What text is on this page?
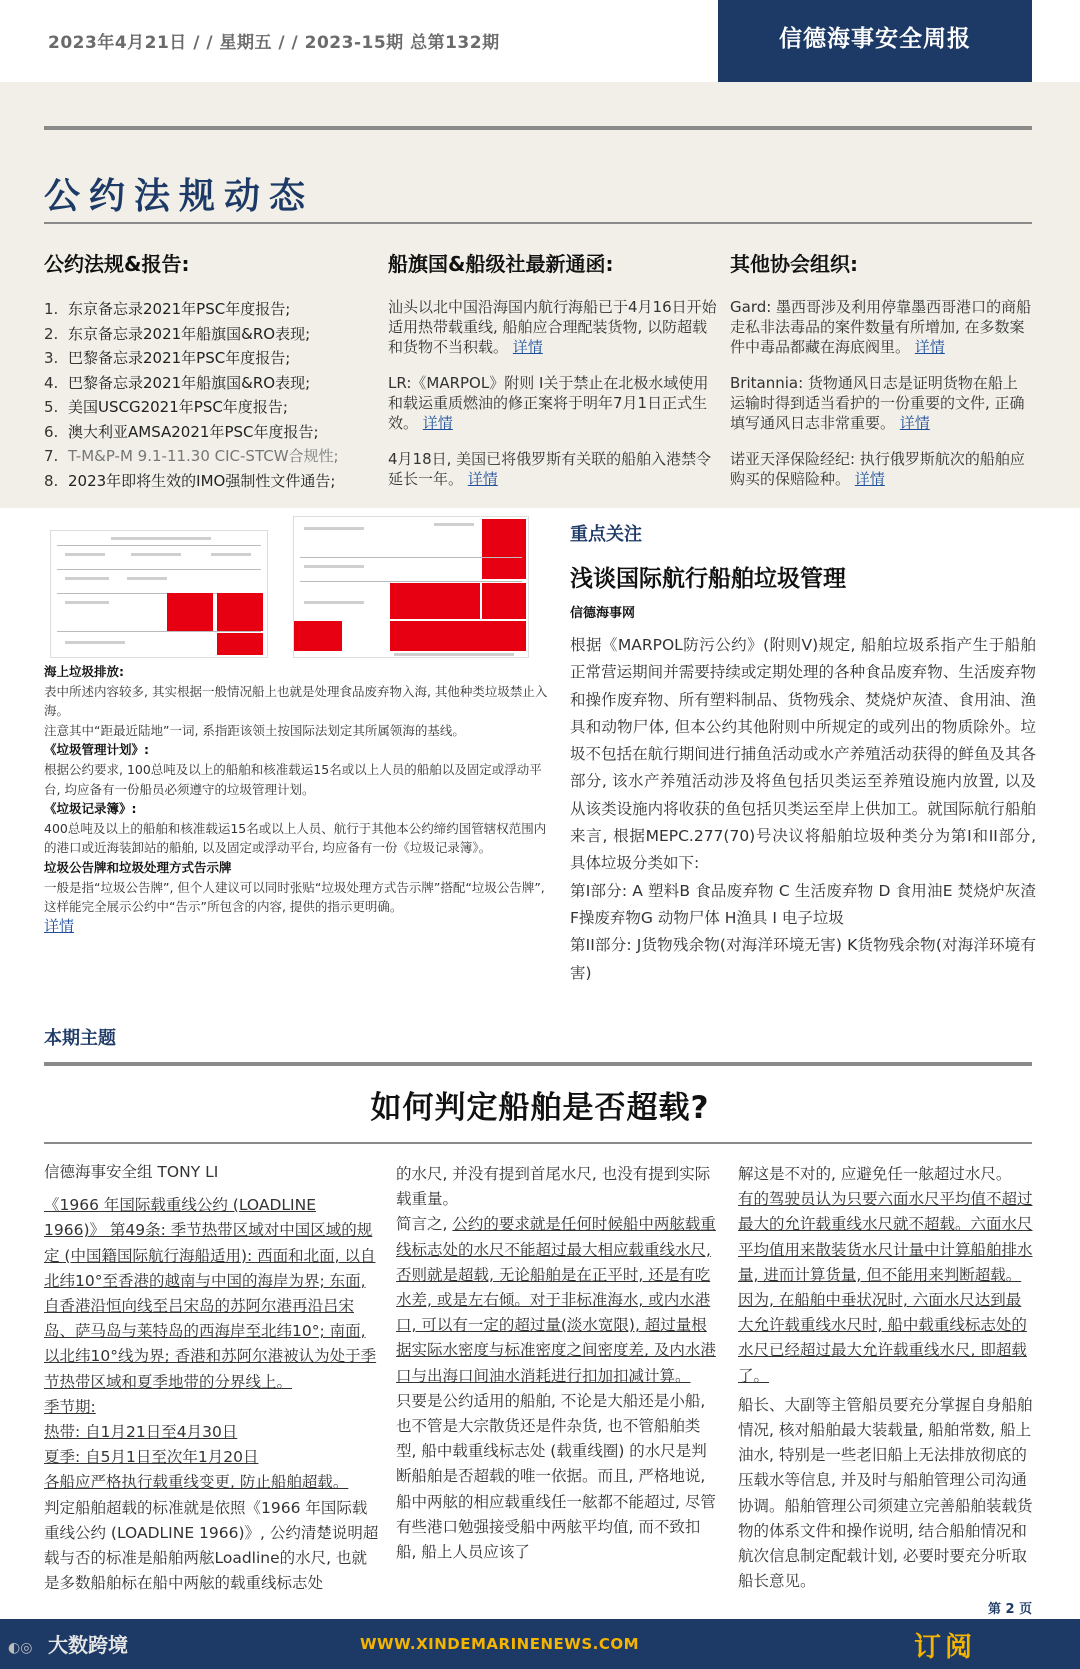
2023年4月21日 / / 星期五 / / 2023-15期 总第132期	信德海事安全周报
公约法规动态
公约法规&报告:
1. 东京备忘录2021年PSC年度报告;
2. 东京备忘录2021年船旗国&RO表现;
3. 巴黎备忘录2021年PSC年度报告;
4. 巴黎备忘录2021年船旗国&RO表现;
5. 美国USCG2021年PSC年度报告;
6. 澳大利亚AMSA2021年PSC年度报告;
7. T-M&P-M 9.1-11.30 CIC-STCW合规性;
8. 2023年即将生效的IMO强制性文件通告;
船旗国&船级社最新通函:

汕头以北中国沿海国内航行海船已于4月16日开始适用热带载重线, 船舶应合理配装货物, 以防超载和货物不当积载。 详情

LR:《MARPOL》附则 I关于禁止在北极水域使用和载运重质燃油的修正案将于明年7月1日正式生效。 详情

4月18日, 美国已将俄罗斯有关联的船舶入港禁令延长一年。 详情

其他协会组织:

Gard: 墨西哥涉及利用停靠墨西哥港口的商船走私非法毒品的案件数量有所增加, 在多数案件中毒品都藏在海底阀里。 详情

Britannia: 货物通风日志是证明货物在船上运输时得到适当看护的一份重要的文件, 正确填写通风日志非常重要。 详情

诺亚天泽保险经纪: 执行俄罗斯航次的船舶应购买的保赔险种。 详情

海上垃圾排放:
表中所述内容较多, 其实根据一般情况船上也就是处理食品废弃物入海, 其他种类垃圾禁止入海。
注意其中“距最近陆地”一词, 系指距该领土按国际法划定其所属领海的基线。
《垃圾管理计划》:
根据公约要求, 100总吨及以上的船舶和核准载运15名或以上人员的船舶以及固定或浮动平台, 均应备有一份船员必须遵守的垃圾管理计划。
《垃圾记录簿》:
400总吨及以上的船舶和核准载运15名或以上人员、航行于其他本公约缔约国管辖权范围内的港口或近海装卸站的船舶, 以及固定或浮动平台, 均应备有一份《垃圾记录簿》。
垃圾公告牌和垃圾处理方式告示牌
一般是指“垃圾公告牌”, 但个人建议可以同时张贴“垃圾处理方式告示牌”搭配“垃圾公告牌”, 这样能完全展示公约中“告示”所包含的内容, 提供的指示更明确。
详情
重点关注
浅谈国际航行船舶垃圾管理
信德海事网

根据《MARPOL防污公约》(附则V)规定, 船舶垃圾系指产生于船舶正常营运期间并需要持续或定期处理的各种食品废弃物、生活废弃物和操作废弃物、所有塑料制品、货物残余、焚烧炉灰渣、食用油、渔具和动物尸体, 但本公约其他附则中所规定的或列出的物质除外。垃圾不包括在航行期间进行捕鱼活动或水产养殖活动获得的鲜鱼及其各部分, 该水产养殖活动涉及将鱼包括贝类运至养殖设施内放置, 以及从该类设施内将收获的鱼包括贝类运至岸上供加工。就国际航行船舶来言, 根据MEPC.277(70)号决议将船舶垃圾种类分为第I和II部分, 具体垃圾分类如下:

第I部分: A 塑料B 食品废弃物 C 生活废弃物 D 食用油E 焚烧炉灰渣 F操废弃物G 动物尸体 H渔具 I 电子垃圾

第II部分: J货物残余物(对海洋环境无害) K货物残余物(对海洋环境有害)

本期主题
如何判定船舶是否超载?

信德海事安全组 TONY LI

《1966 年国际载重线公约 (LOADLINE 1966)》 第49条: 季节热带区域对中国区域的规定 (中国籍国际航行海船适用): 西面和北面, 以自北纬10°至香港的越南与中国的海岸为界; 东面, 自香港沿恒向线至吕宋岛的苏阿尔港再沿吕宋岛、萨马岛与莱特岛的西海岸至北纬10°; 南面, 以北纬10°线为界; 香港和苏阿尔港被认为处于季节热带区域和夏季地带的分界线上。

季节期:

热带: 自1月21日至4月30日

夏季: 自5月1日至次年1月20日

各船应严格执行载重线变更, 防止船舶超载。

判定船舶超载的标准就是依照《1966 年国际载重线公约 (LOADLINE 1966)》, 公约清楚说明超载与否的标准是船舶两舷Loadline的水尺, 也就是多数船舶标在船中两舷的载重线标志处

的水尺, 并没有提到首尾水尺, 也没有提到实际载重量。

简言之, 公约的要求就是任何时候船中两舷载重线标志处的水尺不能超过最大相应载重线水尺, 否则就是超载, 无论船舶是在正平时, 还是有吃水差, 或是左右倾。对于非标准海水, 或内水港口, 可以有一定的超过量(淡水宽限), 超过量根据实际水密度与标准密度之间密度差, 及内水港口与出海口间油水消耗进行扣加扣减计算。

只要是公约适用的船舶, 不论是大船还是小船, 也不管是大宗散货还是件杂货, 也不管船舶类型, 船中载重线标志处 (载重线圈) 的水尺是判断船舶是否超载的唯一依据。而且, 严格地说, 船中两舷的相应载重线任一舷都不能超过, 尽管有些港口勉强接受船中两舷平均值, 而不致扣船, 船上人员应该了

解这是不对的, 应避免任一舷超过水尺。

有的驾驶员认为只要六面水尺平均值不超过最大的允许载重线水尺就不超载。六面水尺平均值用来散装货水尺计量中计算船舶排水量, 进而计算货量, 但不能用来判断超载。 因为, 在船舶中垂状况时, 六面水尺达到最大允许载重线水尺时, 船中载重线标志处的水尺已经超过最大允许载重线水尺, 即超载了。

船长、大副等主管船员要充分掌握自身船舶情况, 核对船舶最大装载量, 船舶常数, 船上油水, 特别是一些老旧船上无法排放彻底的压载水等信息, 并及时与船舶管理公司沟通协调。船舶管理公司须建立完善船舶装载货物的体系文件和操作说明, 结合船舶情况和航次信息制定配载计划, 必要时要充分听取船长意见。

第 2 页
◐◎ 大数跨境	WWW.XINDEMARINENEWS.COM	订阅
